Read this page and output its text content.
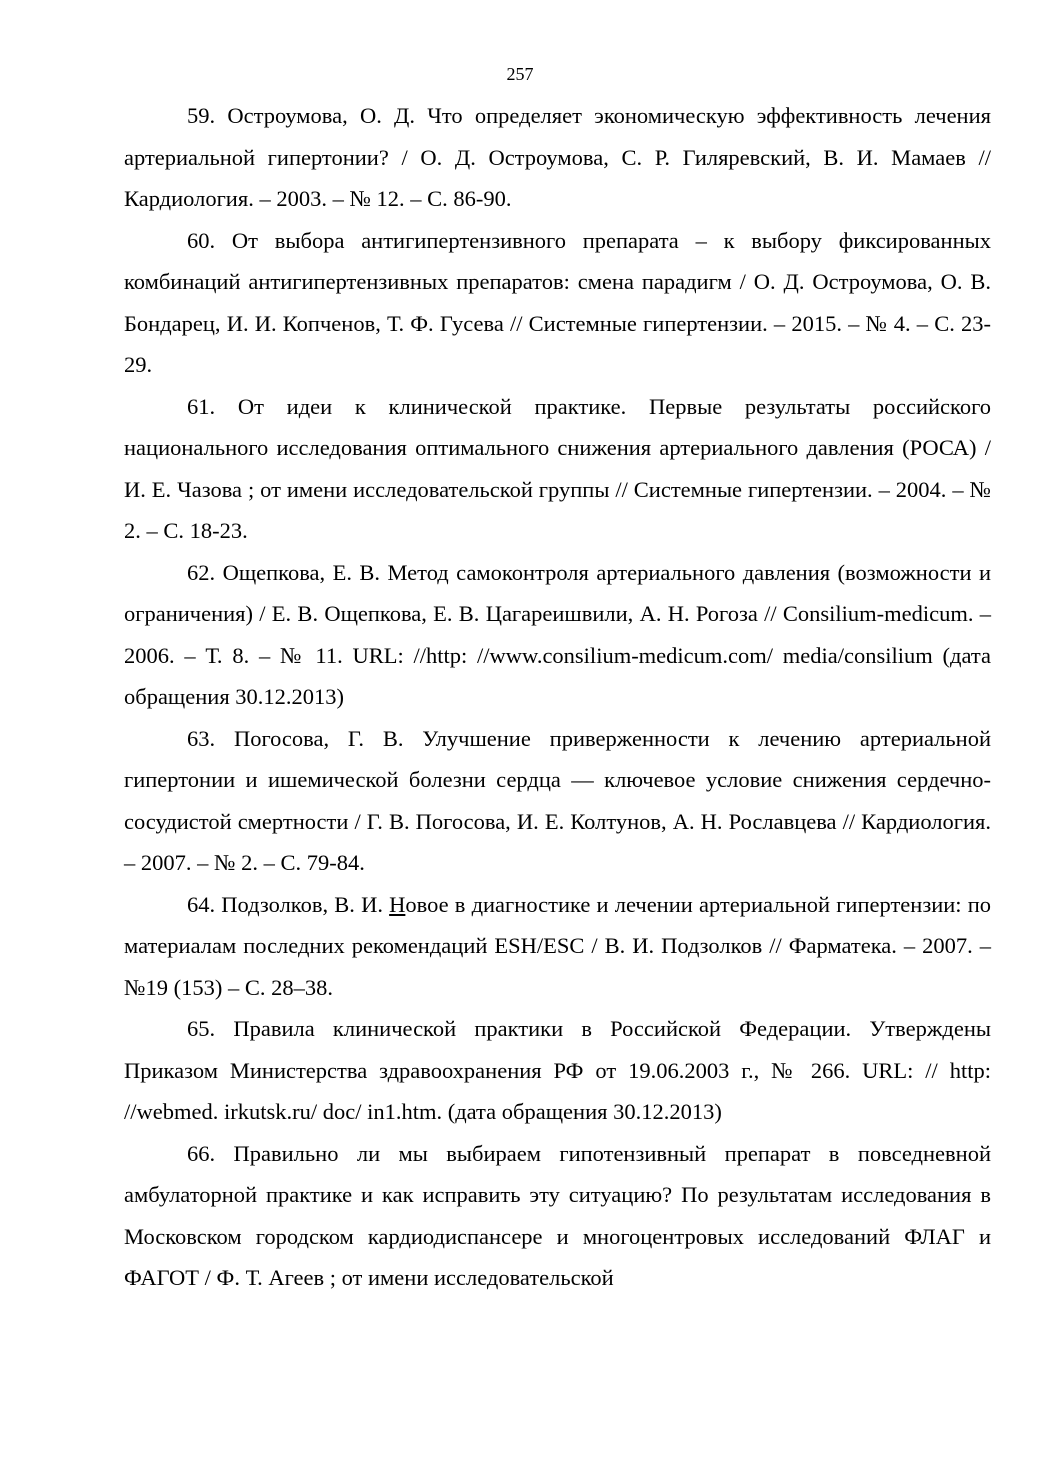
257

59. Остроумова, О. Д. Что определяет экономическую эффективность лечения артериальной гипертонии? / О. Д. Остроумова, С. Р. Гиляревский, В. И. Мамаев // Кардиология. – 2003. – № 12. – С. 86-90.

60. От выбора антигипертензивного препарата – к выбору фиксированных комбинаций антигипертензивных препаратов: смена парадигм / О. Д. Остроумова, О. В. Бондарец, И. И. Копченов, Т. Ф. Гусева // Системные гипертензии. – 2015. – № 4. – С. 23-29.

61. От идеи к клинической практике. Первые результаты российского национального исследования оптимального снижения артериального давления (РОСА) / И. Е. Чазова ; от имени исследовательской группы // Системные гипертензии. – 2004. – № 2. – С. 18-23.

62. Ощепкова, Е. В. Метод самоконтроля артериального давления (возможности и ограничения) / Е. В. Ощепкова, Е. В. Цагареишвили, А. Н. Рогоза // Consilium-medicum. – 2006. – Т. 8. – № 11. URL: //http: //www.consilium-medicum.com/ media/consilium (дата обращения 30.12.2013)

63. Погосова, Г. В. Улучшение приверженности к лечению артериальной гипертонии и ишемической болезни сердца — ключевое условие снижения сердечно-сосудистой смертности / Г. В. Погосова, И. Е. Колтунов, А. Н. Рославцева // Кардиология. – 2007. – № 2. – С. 79-84.

64. Подзолков, В. И. Новое в диагностике и лечении артериальной гипертензии: по материалам последних рекомендаций ESH/ESC / В. И. Подзолков // Фарматека. – 2007. – №19 (153) – С. 28–38.

65. Правила клинической практики в Российской Федерации. Утверждены Приказом Министерства здравоохранения РФ от 19.06.2003 г., № 266. URL: // http: //webmed. irkutsk.ru/ doc/ in1.htm. (дата обращения 30.12.2013)

66. Правильно ли мы выбираем гипотензивный препарат в повседневной амбулаторной практике и как исправить эту ситуацию? По результатам исследования в Московском городском кардиодиспансере и многоцентровых исследований ФЛАГ и ФАГОТ / Ф. Т. Агеев ; от имени исследовательской
